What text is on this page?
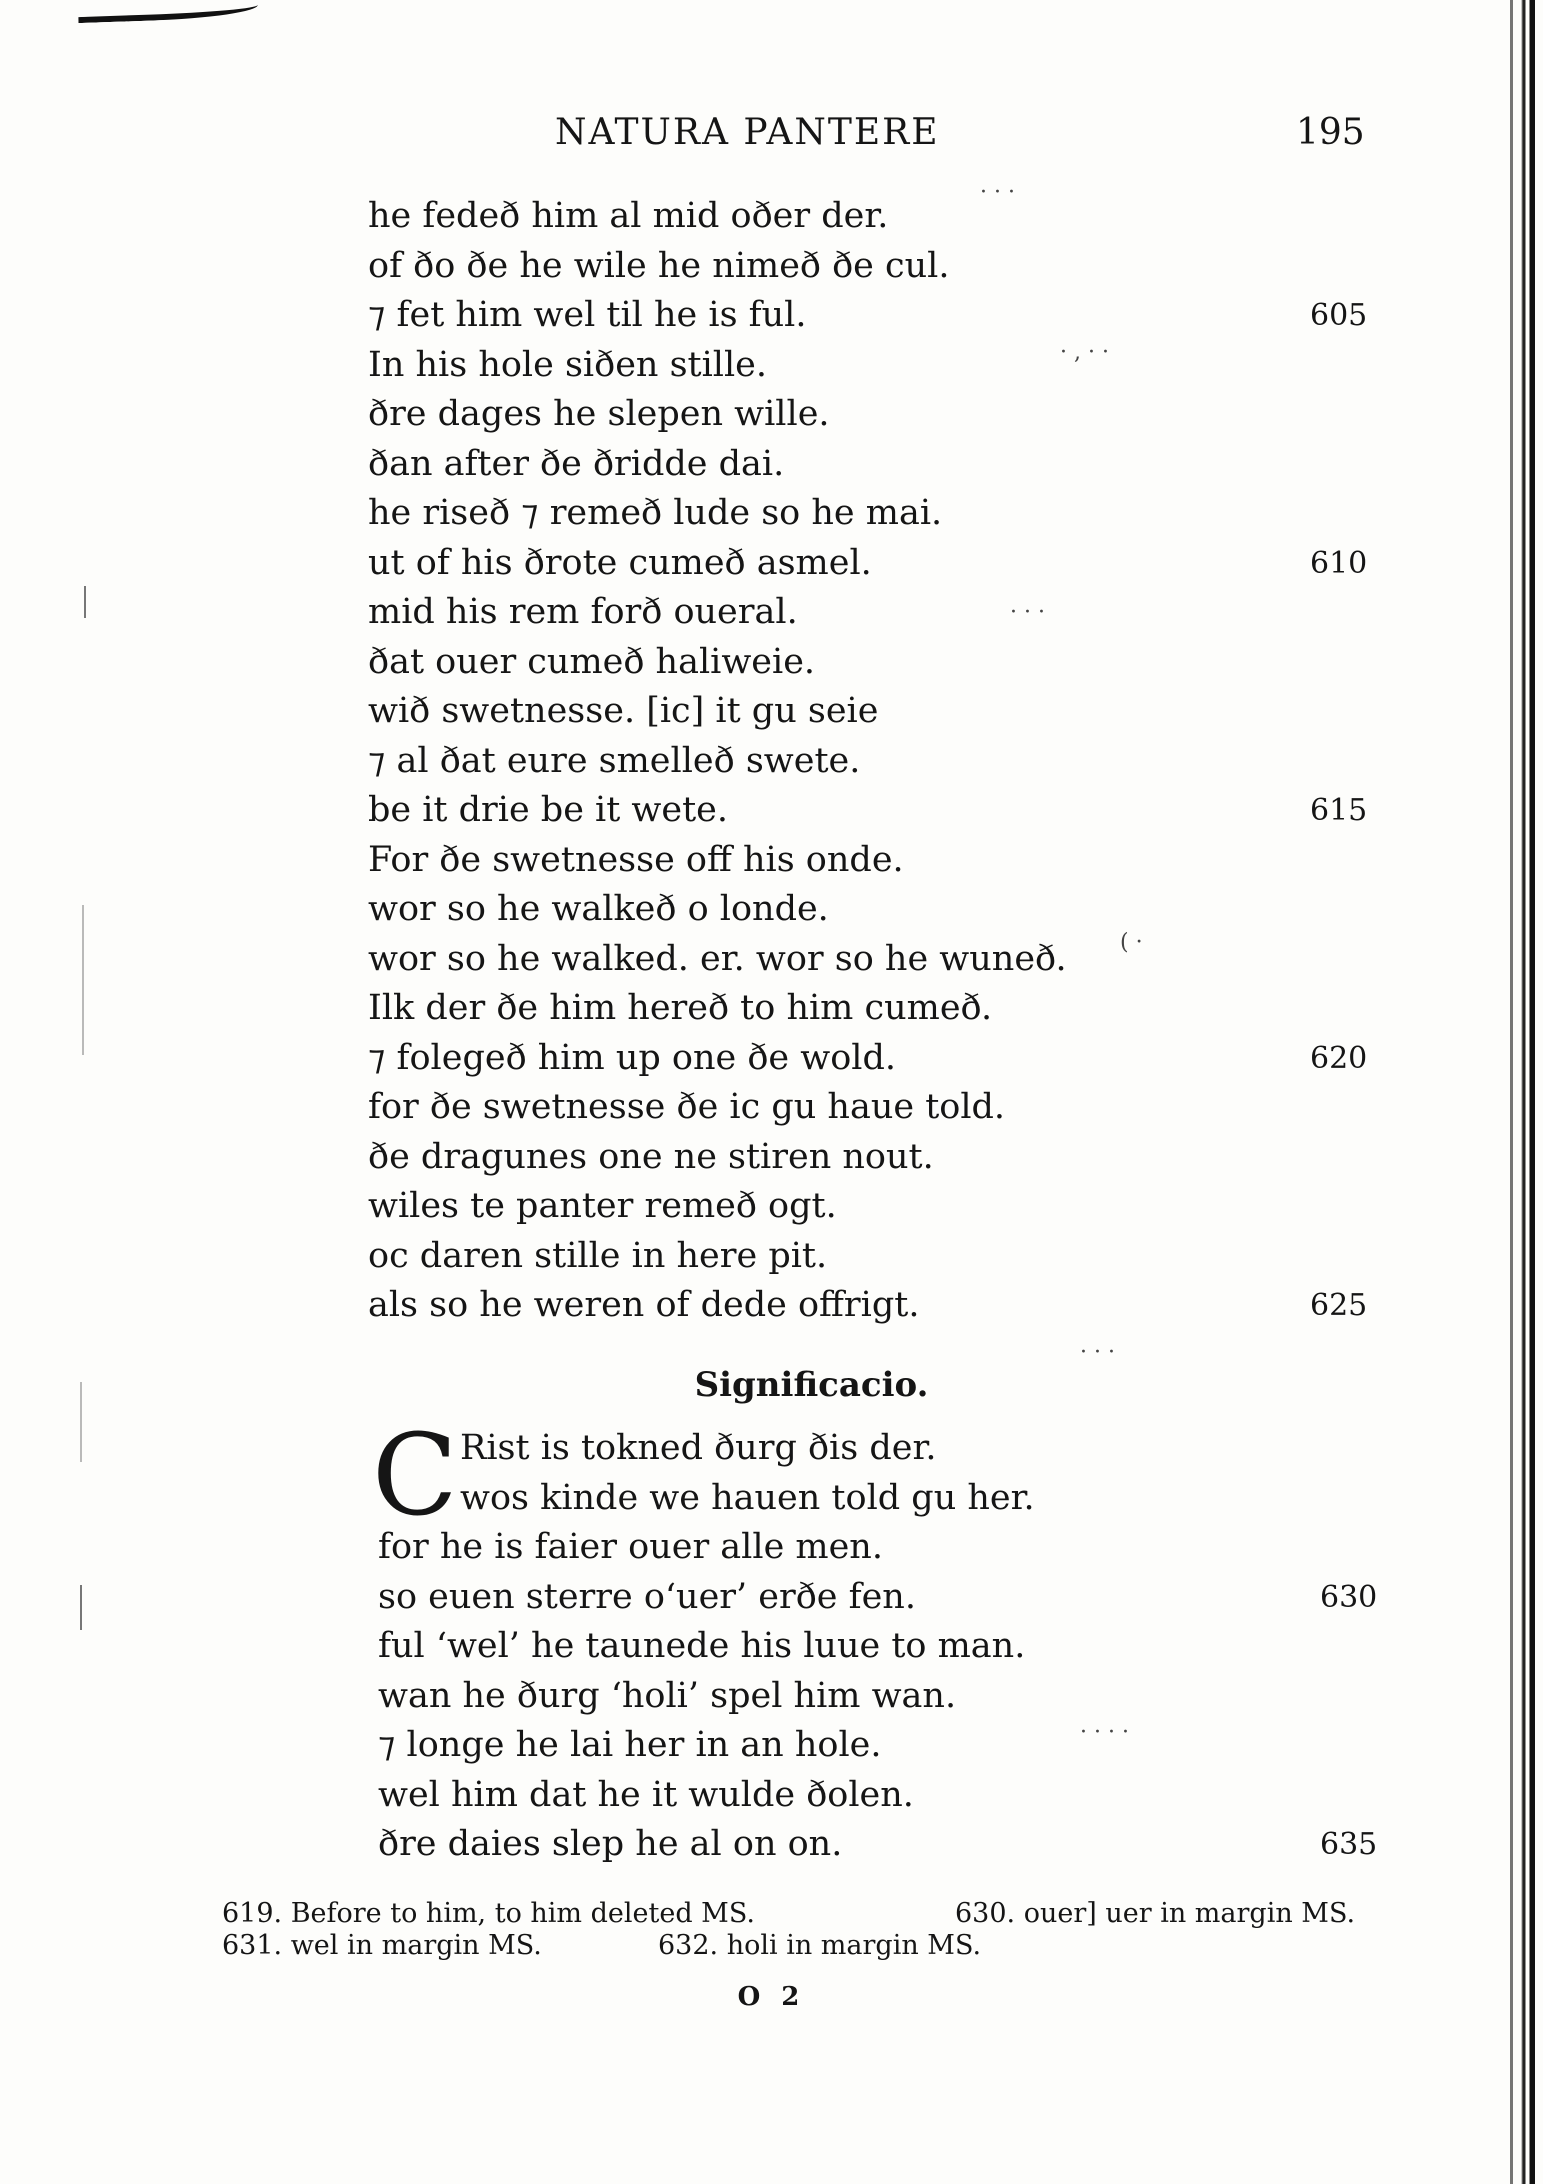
NATURA PANTERE	195
he fedeð him al mid oðer der.
of ðo ðe he wile he nimeð ðe cul.
⁊ fet him wel til he is ful.	605
In his hole siðen stille.
ðre dages he slepen wille.
ðan after ðe ðridde dai.
he riseð ⁊ remeð lude so he mai.
ut of his ðrote cumeð asmel.	610
mid his rem forð oueral.
ðat ouer cumeð haliweie.
wið swetnesse. [ic] it gu seie
⁊ al ðat eure smelleð swete.
be it drie be it wete.	615
For ðe swetnesse off his onde.
wor so he walkeð o londe.
wor so he walked. er. wor so he wuneð.
Ilk der ðe him hereð to him cumeð.
⁊ folegeð him up one ðe wold.	620
for ðe swetnesse ðe ic gu haue told.
ðe dragunes one ne stiren nout.
wiles te panter remeð ogt.
oc daren stille in here pit.
als so he weren of dede offrigt.	625
Significacio.
C Rist is tokned ðurg ðis der.
wos kinde we hauen told gu her.
for he is faier ouer alle men.
so euen sterre o‘uer’ erðe fen.	630
ful ‘wel’ he taunede his luue to man.
wan he ðurg ‘holi’ spel him wan.
⁊ longe he lai her in an hole.
wel him dat he it wulde ðolen.
ðre daies slep he al on on.	635
619. Before to him, to him deleted MS.	630. ouer] uer in margin MS.
631. wel in margin MS.	632. holi in margin MS.
O 2
· · ·
· , · ·
· · ·
( ·
· · ·
· · · ·
